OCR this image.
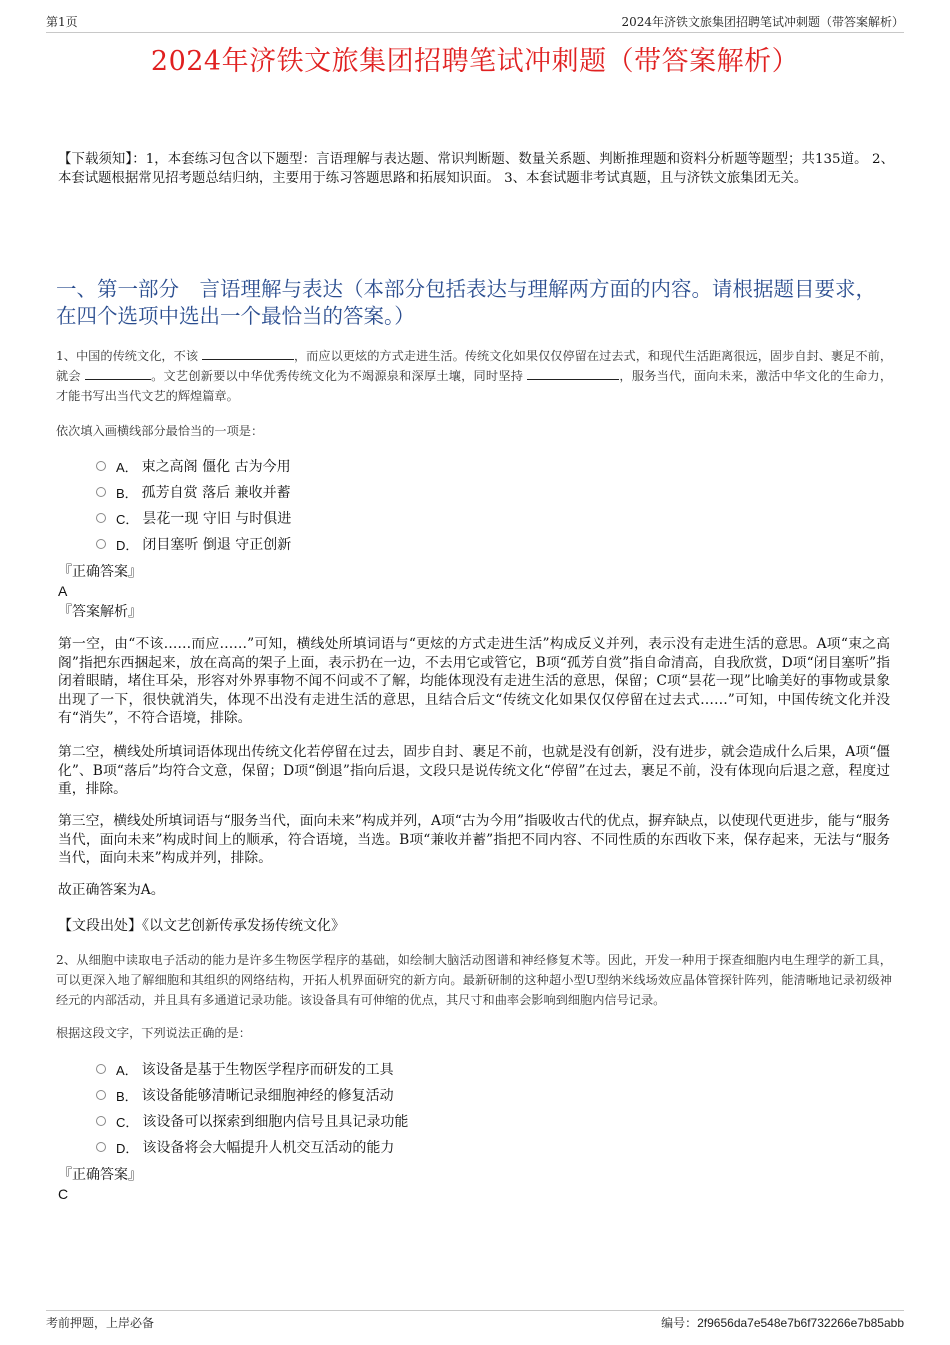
第1页	2024年济铁文旅集团招聘笔试冲刺题（带答案解析）
2024年济铁文旅集团招聘笔试冲刺题（带答案解析）
【下载须知】：1，本套练习包含以下题型：言语理解与表达题、常识判断题、数量关系题、判断推理题和资料分析题等题型；共135道。 2、本套试题根据常见招考题总结归纳，主要用于练习答题思路和拓展知识面。 3、本套试题非考试真题，且与济铁文旅集团无关。
一、第一部分　言语理解与表达（本部分包括表达与理解两方面的内容。请根据题目要求，在四个选项中选出一个最恰当的答案。）
1、中国的传统文化，不该	，而应以更炫的方式走进生活。传统文化如果仅仅停留在过去式，和现代生活距离很远，固步自封、裹足不前，就会	。文艺创新要以中华优秀传统文化为不竭源泉和深厚土壤，同时坚持	，服务当代，面向未来，激活中华文化的生命力，才能书写出当代文艺的辉煌篇章。
依次填入画横线部分最恰当的一项是：
A． 束之高阁 僵化 古为今用
B． 孤芳自赏 落后 兼收并蓄
C． 昙花一现 守旧 与时俱进
D． 闭目塞听 倒退 守正创新
『正确答案』
A
『答案解析』
第一空，由“不该……而应……”可知，横线处所填词语与“更炫的方式走进生活”构成反义并列，表示没有走进生活的意思。A项“束之高阁”指把东西捆起来，放在高高的架子上面，表示扔在一边，不去用它或管它，B项“孤芳自赏”指自命清高，自我欣赏，D项“闭目塞听”指闭着眼睛，堵住耳朵，形容对外界事物不闻不问或不了解，均能体现没有走进生活的意思，保留；C项“昙花一现”比喻美好的事物或景象出现了一下，很快就消失，体现不出没有走进生活的意思，且结合后文“传统文化如果仅仅停留在过去式……”可知，中国传统文化并没有“消失”，不符合语境，排除。
第二空，横线处所填词语体现出传统文化若停留在过去，固步自封、裹足不前，也就是没有创新，没有进步，就会造成什么后果，A项“僵化”、B项“落后”均符合文意，保留；D项“倒退”指向后退，文段只是说传统文化“停留”在过去，裹足不前，没有体现向后退之意，程度过重，排除。
第三空，横线处所填词语与“服务当代，面向未来”构成并列，A项“古为今用”指吸收古代的优点，摒弃缺点，以使现代更进步，能与“服务当代，面向未来”构成时间上的顺承，符合语境，当选。B项“兼收并蓄”指把不同内容、不同性质的东西收下来，保存起来，无法与“服务当代，面向未来”构成并列，排除。
故正确答案为A。
【文段出处】《以文艺创新传承发扬传统文化》
2、从细胞中读取电子活动的能力是许多生物医学程序的基础，如绘制大脑活动图谱和神经修复术等。因此，开发一种用于探查细胞内电生理学的新工具，可以更深入地了解细胞和其组织的网络结构，开拓人机界面研究的新方向。最新研制的这种超小型U型纳米线场效应晶体管探针阵列，能清晰地记录初级神经元的内部活动，并且具有多通道记录功能。该设备具有可伸缩的优点，其尺寸和曲率会影响到细胞内信号记录。
根据这段文字，下列说法正确的是：
A． 该设备是基于生物医学程序而研发的工具
B． 该设备能够清晰记录细胞神经的修复活动
C． 该设备可以探索到细胞内信号且具记录功能
D． 该设备将会大幅提升人机交互活动的能力
『正确答案』
C
考前押题，上岸必备	编号：2f9656da7e548e7b6f732266e7b85abb
